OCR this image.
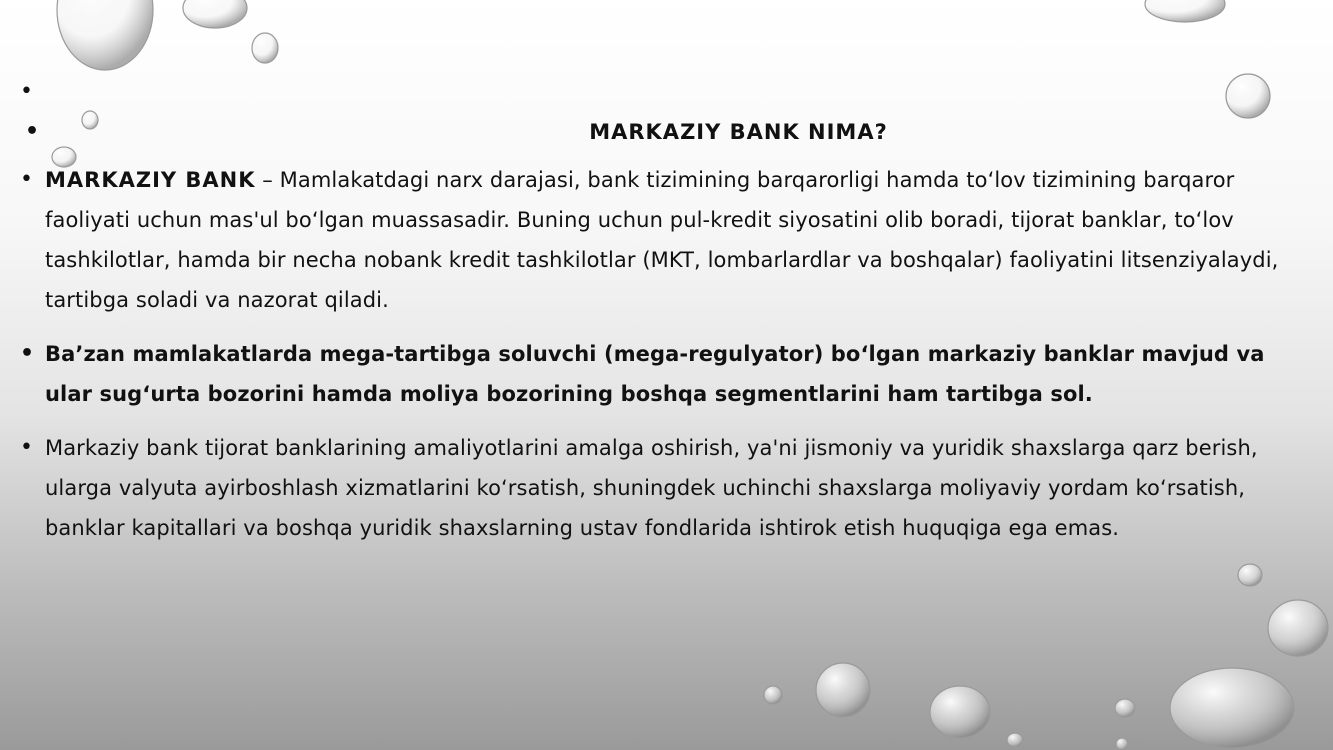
•

•	MARKAZIY BANK NIMA?
• MARKAZIY BANK – Mamlakatdagi narx darajasi, bank tizimining barqarorligi hamda to‘lov tizimining barqaror faoliyati uchun mas'ul bo‘lgan muassasadir. Buning uchun pul-kredit siyosatini olib boradi, tijorat banklar, to‘lov tashkilotlar, hamda bir necha nobank kredit tashkilotlar (MKT, lombarlardlar va boshqalar) faoliyatini litsenziyalaydi, tartibga soladi va nazorat qiladi.
• Ba’zan mamlakatlarda mega-tartibga soluvchi (mega-regulyator) bo‘lgan markaziy banklar mavjud va ular sug‘urta bozorini hamda moliya bozorining boshqa segmentlarini ham tartibga sol.
• Markaziy bank tijorat banklarining amaliyotlarini amalga oshirish, ya'ni jismoniy va yuridik shaxslarga qarz berish, ularga valyuta ayirboshlash xizmatlarini ko‘rsatish, shuningdek uchinchi shaxslarga moliyaviy yordam ko‘rsatish, banklar kapitallari va boshqa yuridik shaxslarning ustav fondlarida ishtirok etish huquqiga ega emas.
